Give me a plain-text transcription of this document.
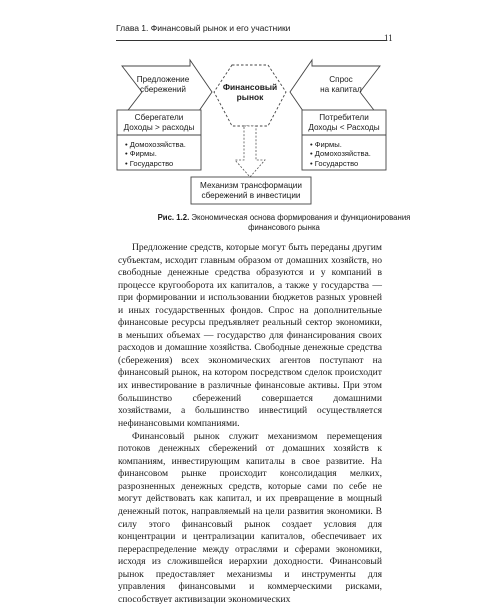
Глава 1. Финансовый рынок и его участники
11
Финансовый
рынок
Предложение
сбережений
Спрос
на капитал
Сберегатели
Доходы > расходы
• Домохозяйства.
• Фирмы.
• Государство
Потребители
Доходы < Расходы
• Фирмы.
• Домохозяйства.
• Государство
Механизм трансформации
сбережений в инвестиции
Рис. 1.2. Экономическая основа формирования и функционирования финансового рынка

Предложение средств, которые могут быть переданы другим субъектам, исходит главным образом от домашних хозяйств, но свободные денежные средства образуются и у компаний в процессе кругооборота их капиталов, а также у государства — при формировании и использовании бюджетов разных уровней и иных государственных фондов. Спрос на дополнительные финансовые ресурсы предъявляет реальный сектор экономики, в меньших объемах — государство для финансирования своих расходов и домашние хозяйства. Свободные денежные средства (сбережения) всех экономических агентов поступают на финансовый рынок, на котором посредством сделок происходит их инвестирование в различные финансовые активы. При этом большинство сбережений совершается домашними хозяйствами, а большинство инвестиций осуществляется нефинансовыми компаниями.

Финансовый рынок служит механизмом перемещения потоков денежных сбережений от домашних хозяйств к компаниям, инвестирующим капиталы в свое развитие. На финансовом рынке происходит консолидация мелких, разрозненных денежных средств, которые сами по себе не могут действовать как капитал, и их превращение в мощный денежный поток, направляемый на цели развития экономики. В силу этого финансовый рынок создает условия для концентрации и централизации капиталов, обеспечивает их перераспределение между отраслями и сферами экономики, исходя из сложившейся иерархии доходности. Финансовый рынок предоставляет механизмы и инструменты для управления финансовыми и коммерческими рисками, способствует активизации экономических
